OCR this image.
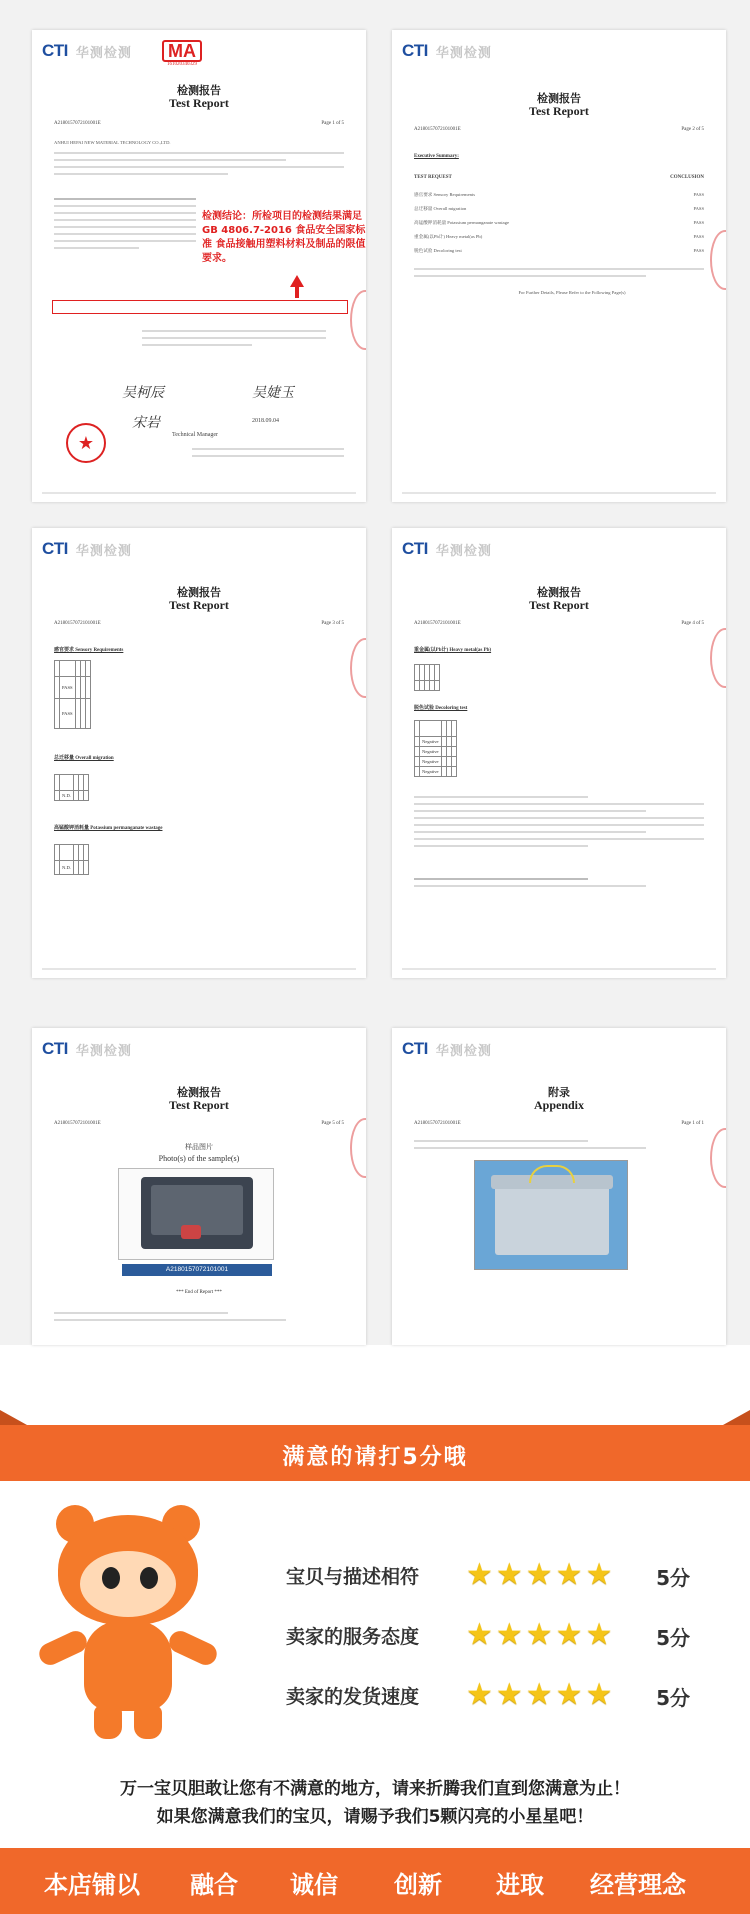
CTI 华测检测	MA
161020340329
检测报告
Test Report
A2180157072101001E	Page 1 of 5
ANHUI HEPAI NEW MATERIAL TECHNOLOGY CO.,LTD.
检测结论：所检项目的检测结果满足GB 4806.7-2016 食品安全国家标准 食品接触用塑料材料及制品的限值要求。
吴柯辰	吴婕玉
宋岩	2018.09.04
Technical Manager
★
CTI 华测检测
检测报告
Test Report
A2180157072101001E	Page 2 of 5
Executive Summary:
TEST REQUEST	CONCLUSION
感官要求 Sensory Requirements	PASS
总迁移量 Overall migration	PASS
高锰酸钾消耗量 Potassium permanganate wastage	PASS
重金属(以Pb计) Heavy metal(as Pb)	PASS
脱色试验 Decoloring test	PASS
For Further Details, Please Refer to the Following Page(s)
CTI 华测检测
检测报告
Test Report
A2180157072101001E	Page 3 of 5
感官要求 Sensory Requirements

	PASS			
	PASS			
总迁移量 Overall migration

	N.D.			
高锰酸钾消耗量 Potassium permanganate wastage

	N.D.			
CTI 华测检测
检测报告
Test Report
A2180157072101001E	Page 4 of 5
重金属(以Pb计) Heavy metal(as Pb)

脱色试验 Decoloring test

	Negative			
	Negative			
	Negative			
	Negative			
CTI 华测检测
检测报告
Test Report
A2180157072101001E	Page 5 of 5
样品图片
Photo(s) of the sample(s)
A2180157072101001
*** End of Report ***
CTI 华测检测
附录
Appendix
A2180157072101001E	Page 1 of 1
满意的请打5分哦
宝贝与描述相符 ★★★★★ 5分
卖家的服务态度 ★★★★★ 5分
卖家的发货速度 ★★★★★ 5分
万一宝贝胆敢让您有不满意的地方，请来折腾我们直到您满意为止！
如果您满意我们的宝贝，请赐予我们5颗闪亮的小星星吧！
本店铺以 融合 诚信 创新 进取 经营理念
